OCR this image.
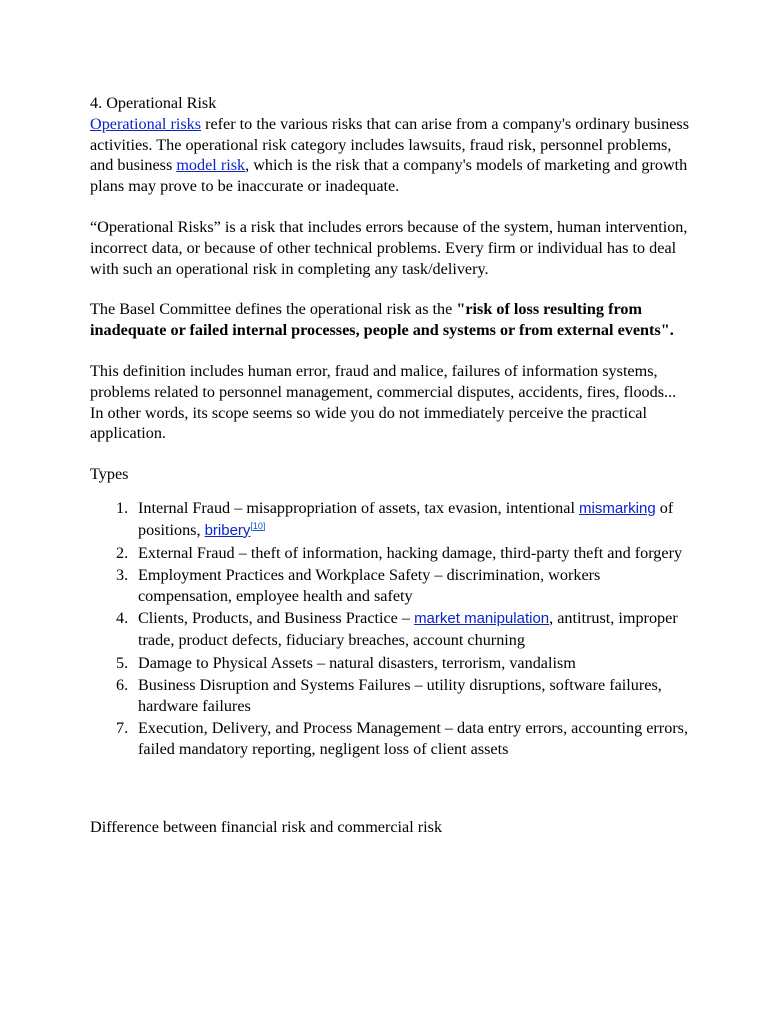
4. Operational Risk

Operational risks refer to the various risks that can arise from a company's ordinary business activities. The operational risk category includes lawsuits, fraud risk, personnel problems, and business model risk, which is the risk that a company's models of marketing and growth plans may prove to be inaccurate or inadequate.

“Operational Risks” is a risk that includes errors because of the system, human intervention, incorrect data, or because of other technical problems. Every firm or individual has to deal with such an operational risk in completing any task/delivery.

The Basel Committee defines the operational risk as the "risk of loss resulting from inadequate or failed internal processes, people and systems or from external events".

This definition includes human error, fraud and malice, failures of information systems, problems related to personnel management, commercial disputes, accidents, fires, floods... In other words, its scope seems so wide you do not immediately perceive the practical application.

Types

1. Internal Fraud – misappropriation of assets, tax evasion, intentional mismarking of positions, bribery[10]
2. External Fraud – theft of information, hacking damage, third-party theft and forgery
3. Employment Practices and Workplace Safety – discrimination, workers compensation, employee health and safety
4. Clients, Products, and Business Practice – market manipulation, antitrust, improper trade, product defects, fiduciary breaches, account churning
5. Damage to Physical Assets – natural disasters, terrorism, vandalism
6. Business Disruption and Systems Failures – utility disruptions, software failures, hardware failures
7. Execution, Delivery, and Process Management – data entry errors, accounting errors, failed mandatory reporting, negligent loss of client assets

Difference between financial risk and commercial risk
